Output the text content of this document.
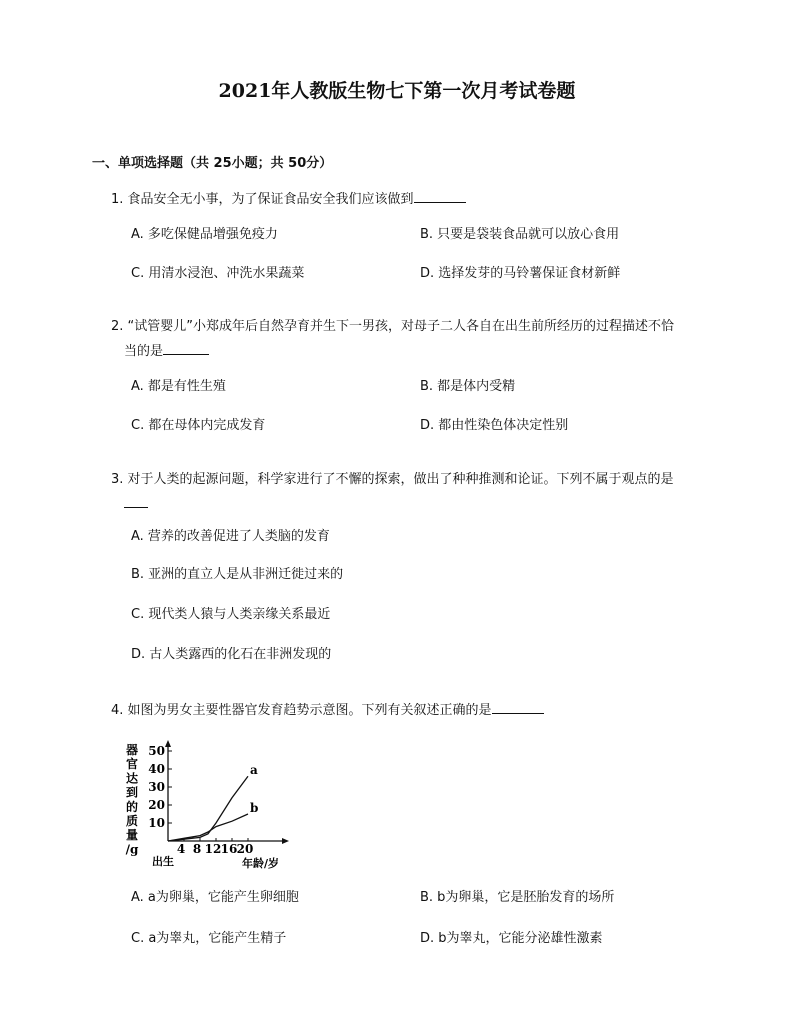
2021年人教版生物七下第一次月考试卷题
一、单项选择题（共 25小题；共 50分）
1. 食品安全无小事，为了保证食品安全我们应该做到
A. 多吃保健品增强免疫力	B. 只要是袋装食品就可以放心食用
C. 用清水浸泡、冲洗水果蔬菜	D. 选择发芽的马铃薯保证食材新鲜
2. “试管婴儿”小郑成年后自然孕育并生下一男孩，对母子二人各自在出生前所经历的过程描述不恰
当的是
A. 都是有性生殖	B. 都是体内受精
C. 都在母体内完成发育	D. 都由性染色体决定性别
3. 对于人类的起源问题，科学家进行了不懈的探索，做出了种种推测和论证。下列不属于观点的是
A. 营养的改善促进了人类脑的发育
B. 亚洲的直立人是从非洲迁徙过来的
C. 现代类人猿与人类亲缘关系最近
D. 古人类露西的化石在非洲发现的
4. 如图为男女主要性器官发育趋势示意图。下列有关叙述正确的是
器
官
达
到
的
质
量
/g
10
20
30
40
50
4 8 12 16 20
a
b
出生	年龄/岁
A. a为卵巢，它能产生卵细胞	B. b为卵巢，它是胚胎发育的场所
C. a为睾丸，它能产生精子	D. b为睾丸，它能分泌雄性激素
